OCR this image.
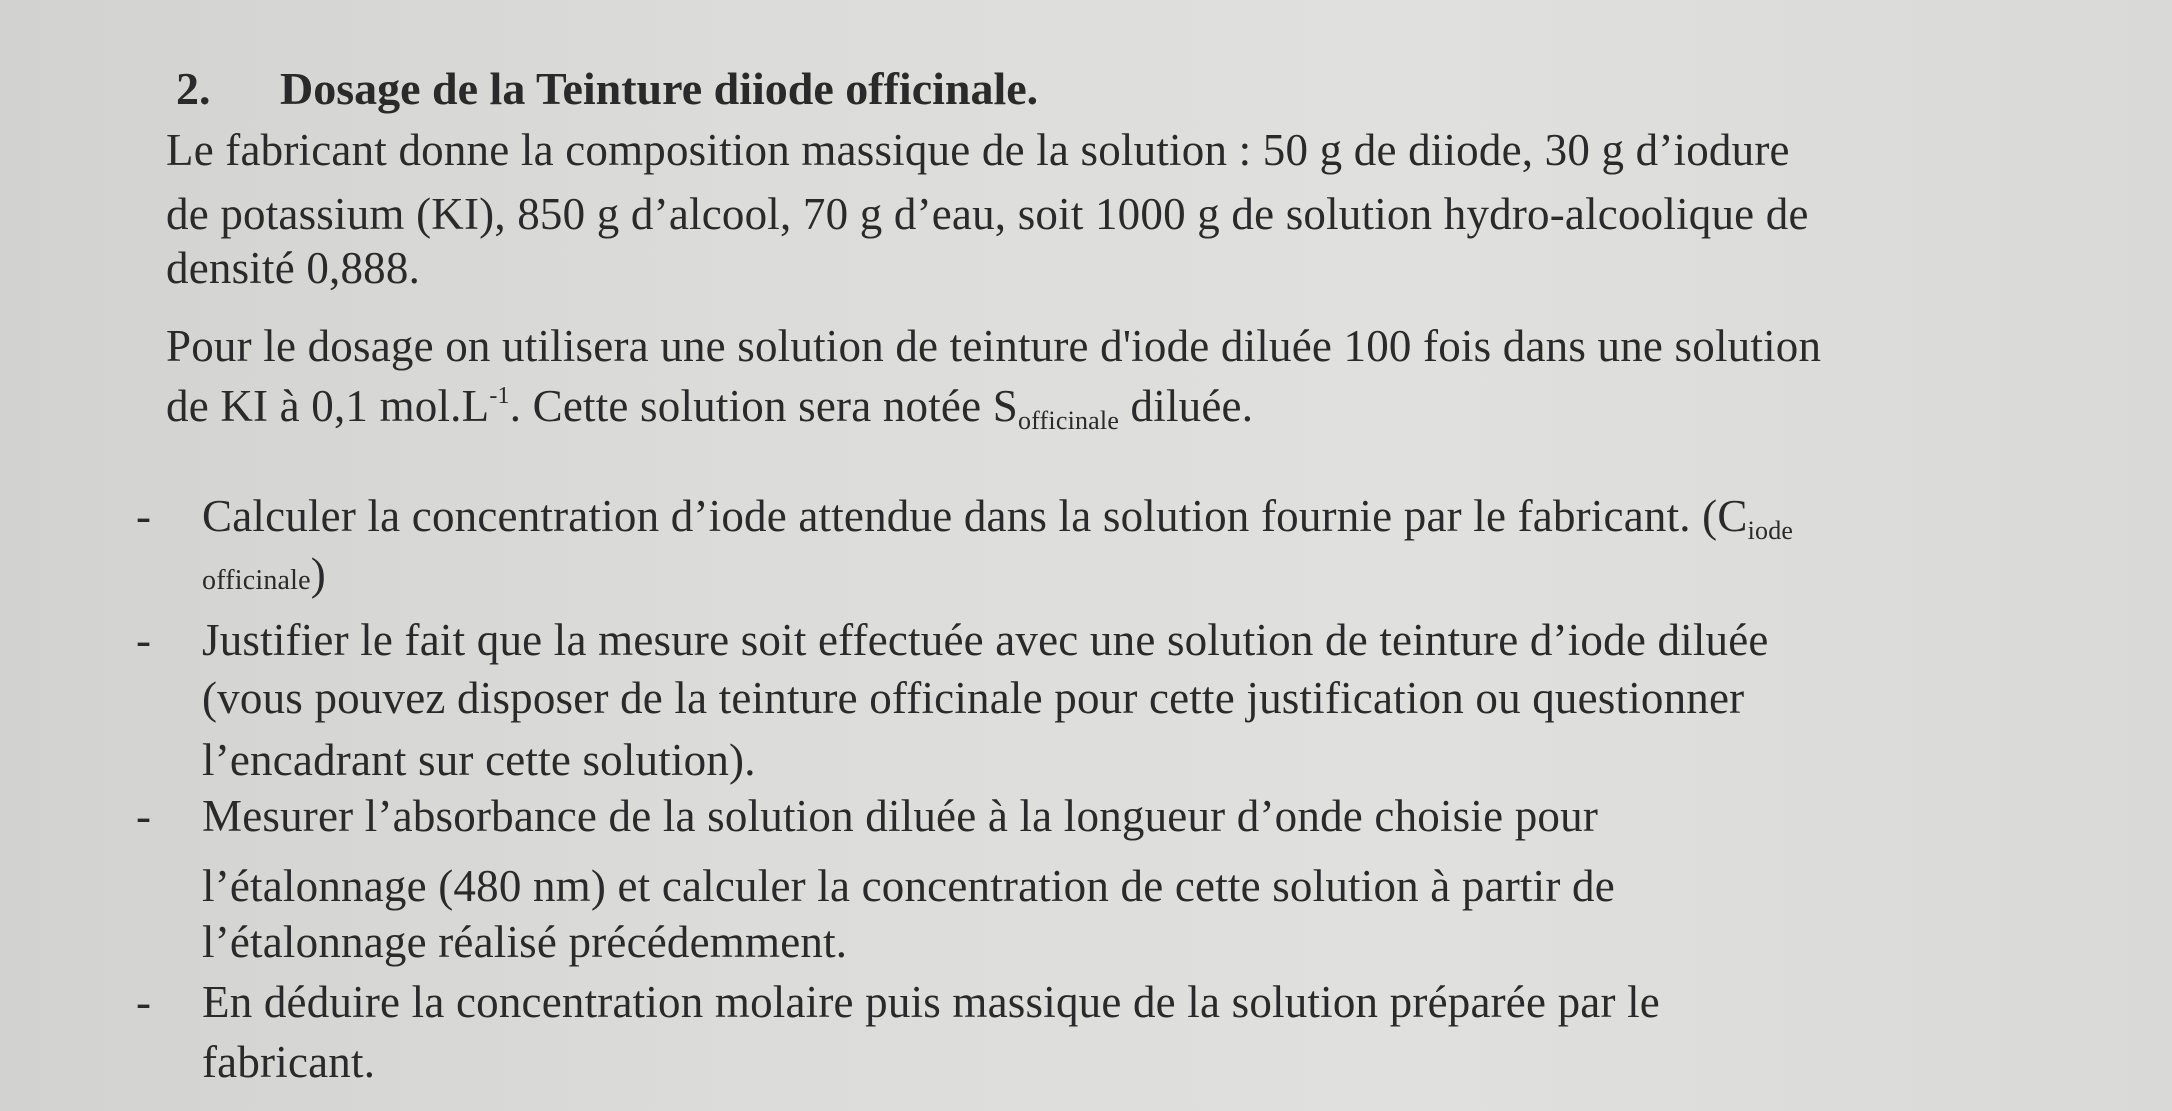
2. Dosage de la Teinture diiode officinale.
Le fabricant donne la composition massique de la solution : 50 g de diiode, 30 g d’iodure
de potassium (KI), 850 g d’alcool, 70 g d’eau, soit 1000 g de solution hydro-alcoolique de
densité 0,888.
Pour le dosage on utilisera une solution de teinture d'iode diluée 100 fois dans une solution
de KI à 0,1 $mol.L^{-1}$. Cette solution sera notée $S_{officinale}$ diluée.
- Calculer la concentration d’iode attendue dans la solution fournie par le fabricant. ($C_{iode}$
officinale)
- Justifier le fait que la mesure soit effectuée avec une solution de teinture d’iode diluée
(vous pouvez disposer de la teinture officinale pour cette justification ou questionner
l’encadrant sur cette solution).
- Mesurer l’absorbance de la solution diluée à la longueur d’onde choisie pour
l’étalonnage (480 nm) et calculer la concentration de cette solution à partir de
l’étalonnage réalisé précédemment.
- En déduire la concentration molaire puis massique de la solution préparée par le
fabricant.
